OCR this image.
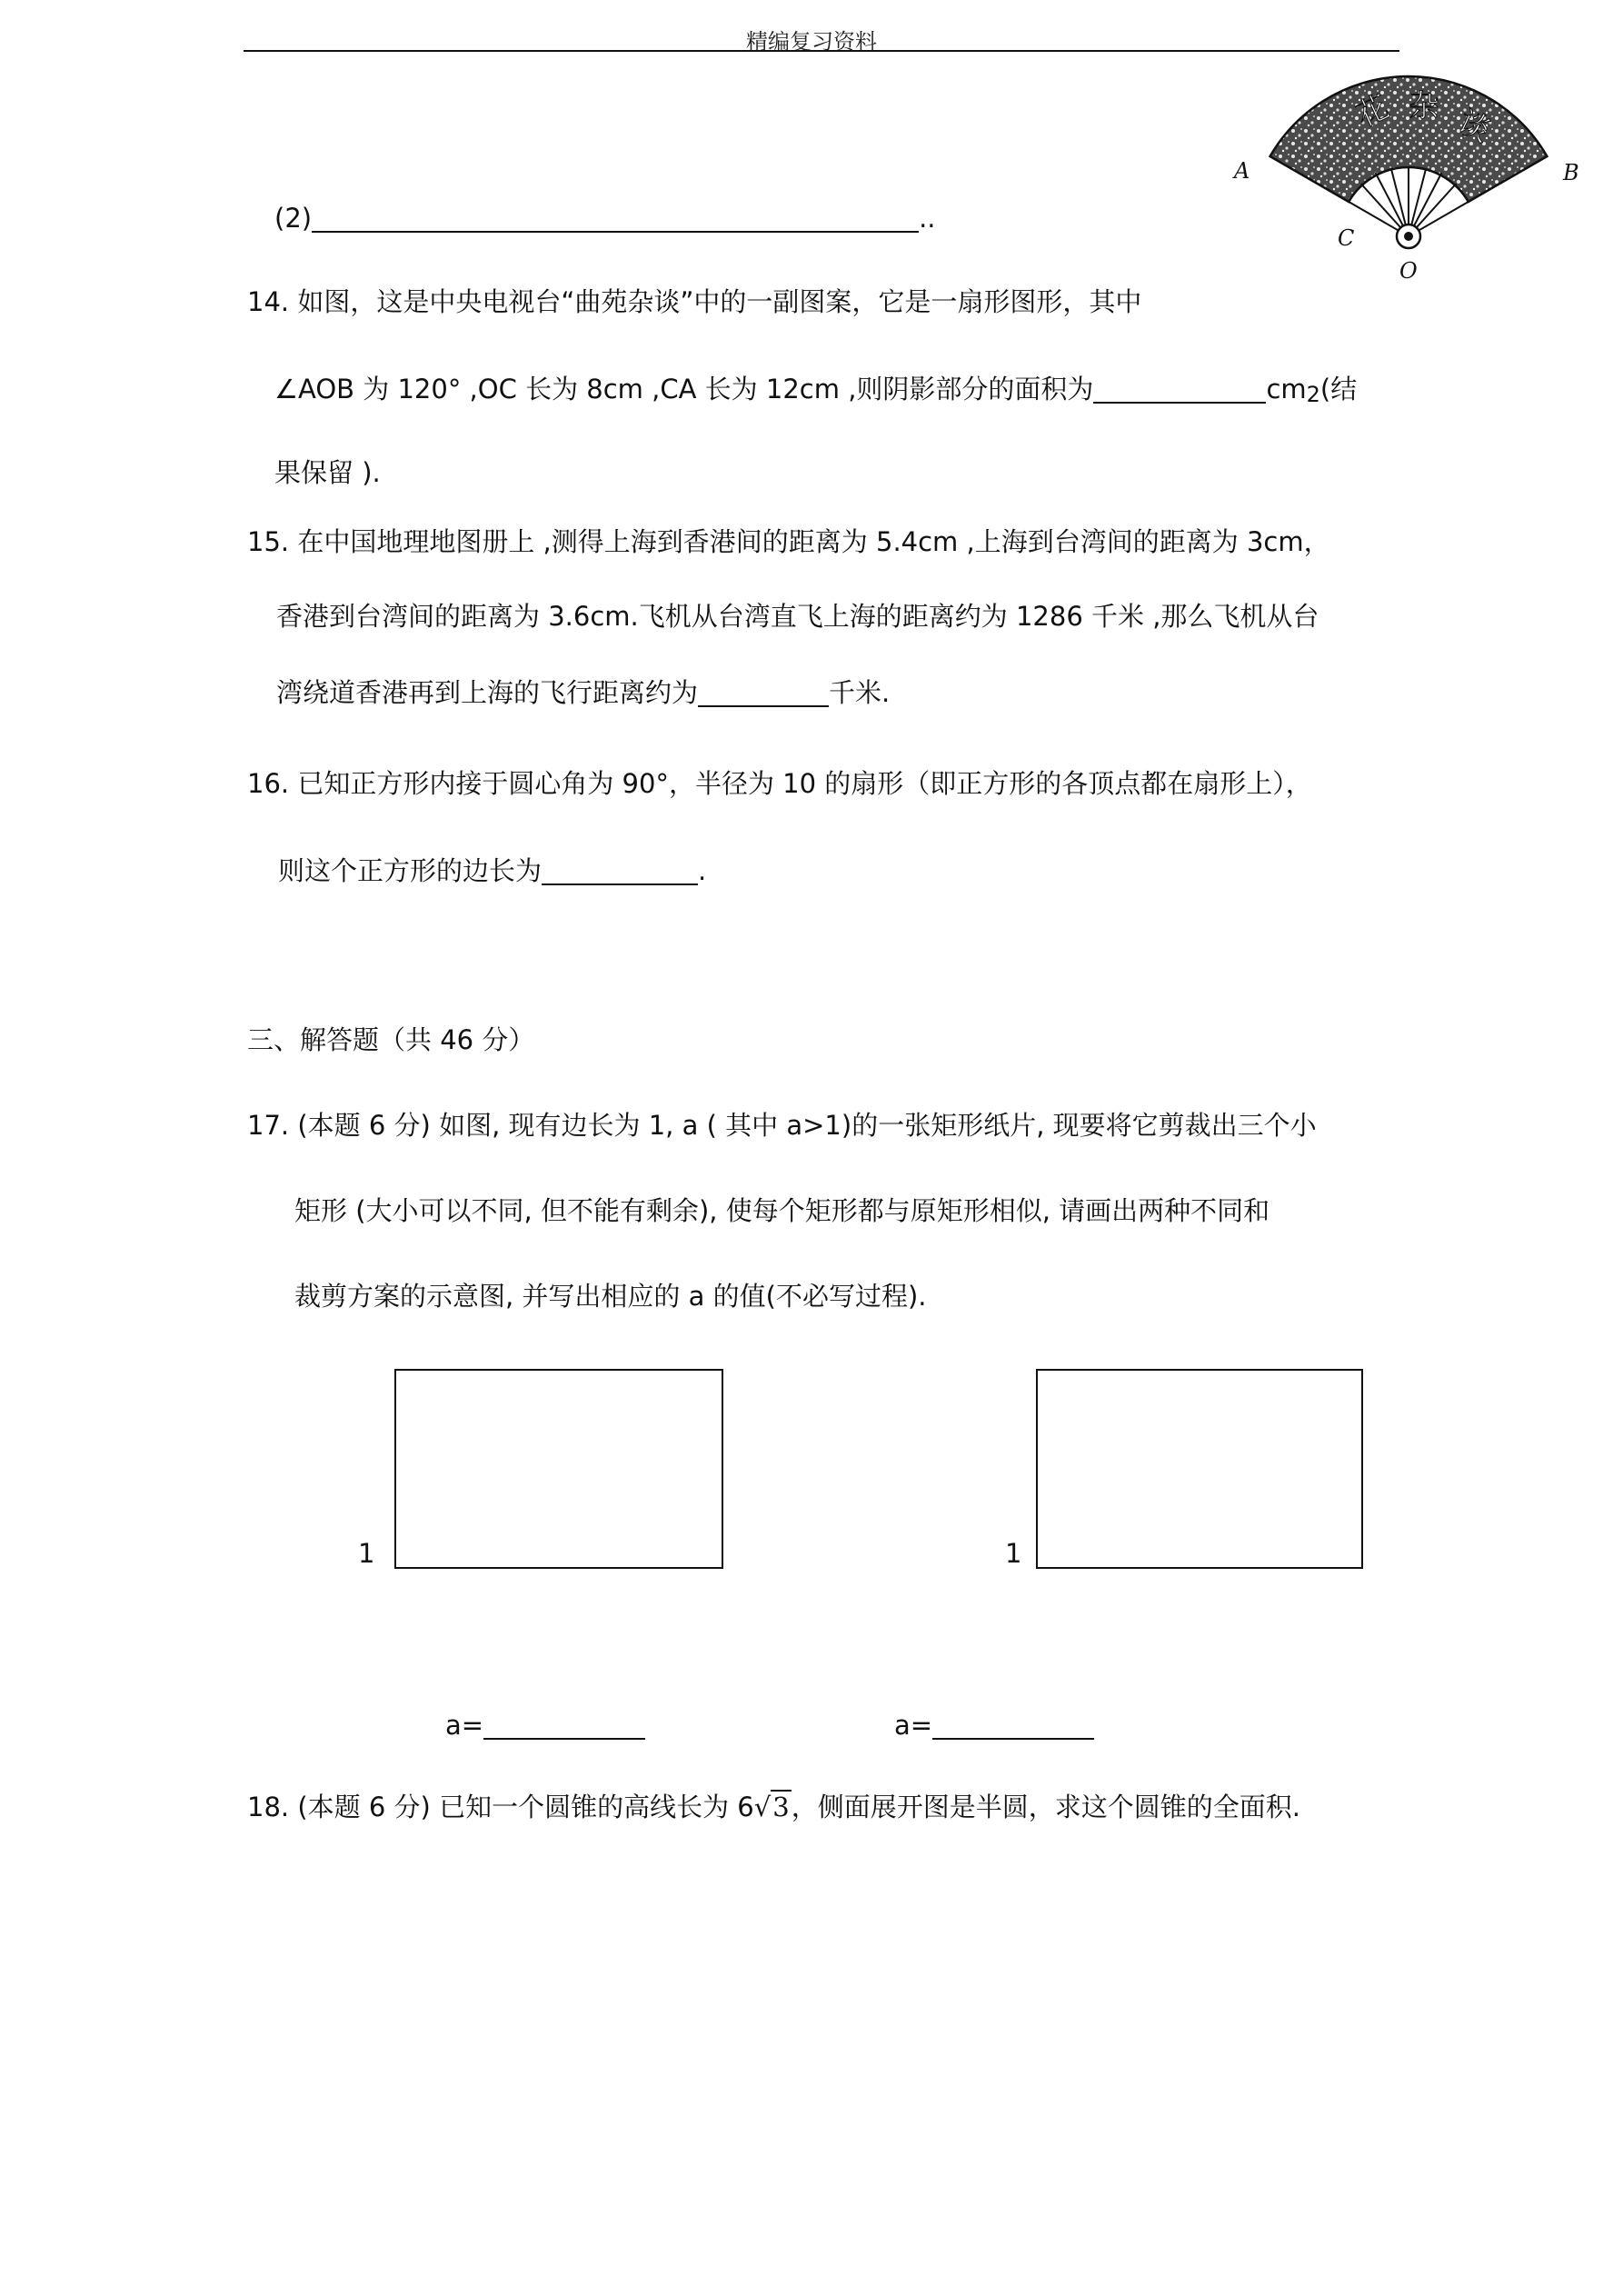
精编复习资料
花 杂 谈
A	B
C
O
(2)	..
14. 如图，这是中央电视台“曲苑杂谈”中的一副图案，它是一扇形图形，其中
∠AOB 为 120° ,OC 长为 8cm ,CA 长为 12cm ,则阴影部分的面积为	$cm_2$(结
果保留 ).
15. 在中国地理地图册上 ,测得上海到香港间的距离为 5.4cm ,上海到台湾间的距离为 3cm，
香港到台湾间的距离为 3.6cm.飞机从台湾直飞上海的距离约为 1286 千米 ,那么飞机从台
湾绕道香港再到上海的飞行距离约为	千米.
16. 已知正方形内接于圆心角为 90°，半径为 10 的扇形（即正方形的各顶点都在扇形上），
则这个正方形的边长为	.
三、解答题（共 46 分）
17. (本题 6 分) 如图, 现有边长为 1, a ( 其中 a>1)的一张矩形纸片, 现要将它剪裁出三个小
矩形 (大小可以不同, 但不能有剩余), 使每个矩形都与原矩形相似, 请画出两种不同和
裁剪方案的示意图, 并写出相应的 a 的值(不必写过程).
1	1
a=	a=
18. (本题 6 分) 已知一个圆锥的高线长为 6√3，侧面展开图是半圆，求这个圆锥的全面积.
